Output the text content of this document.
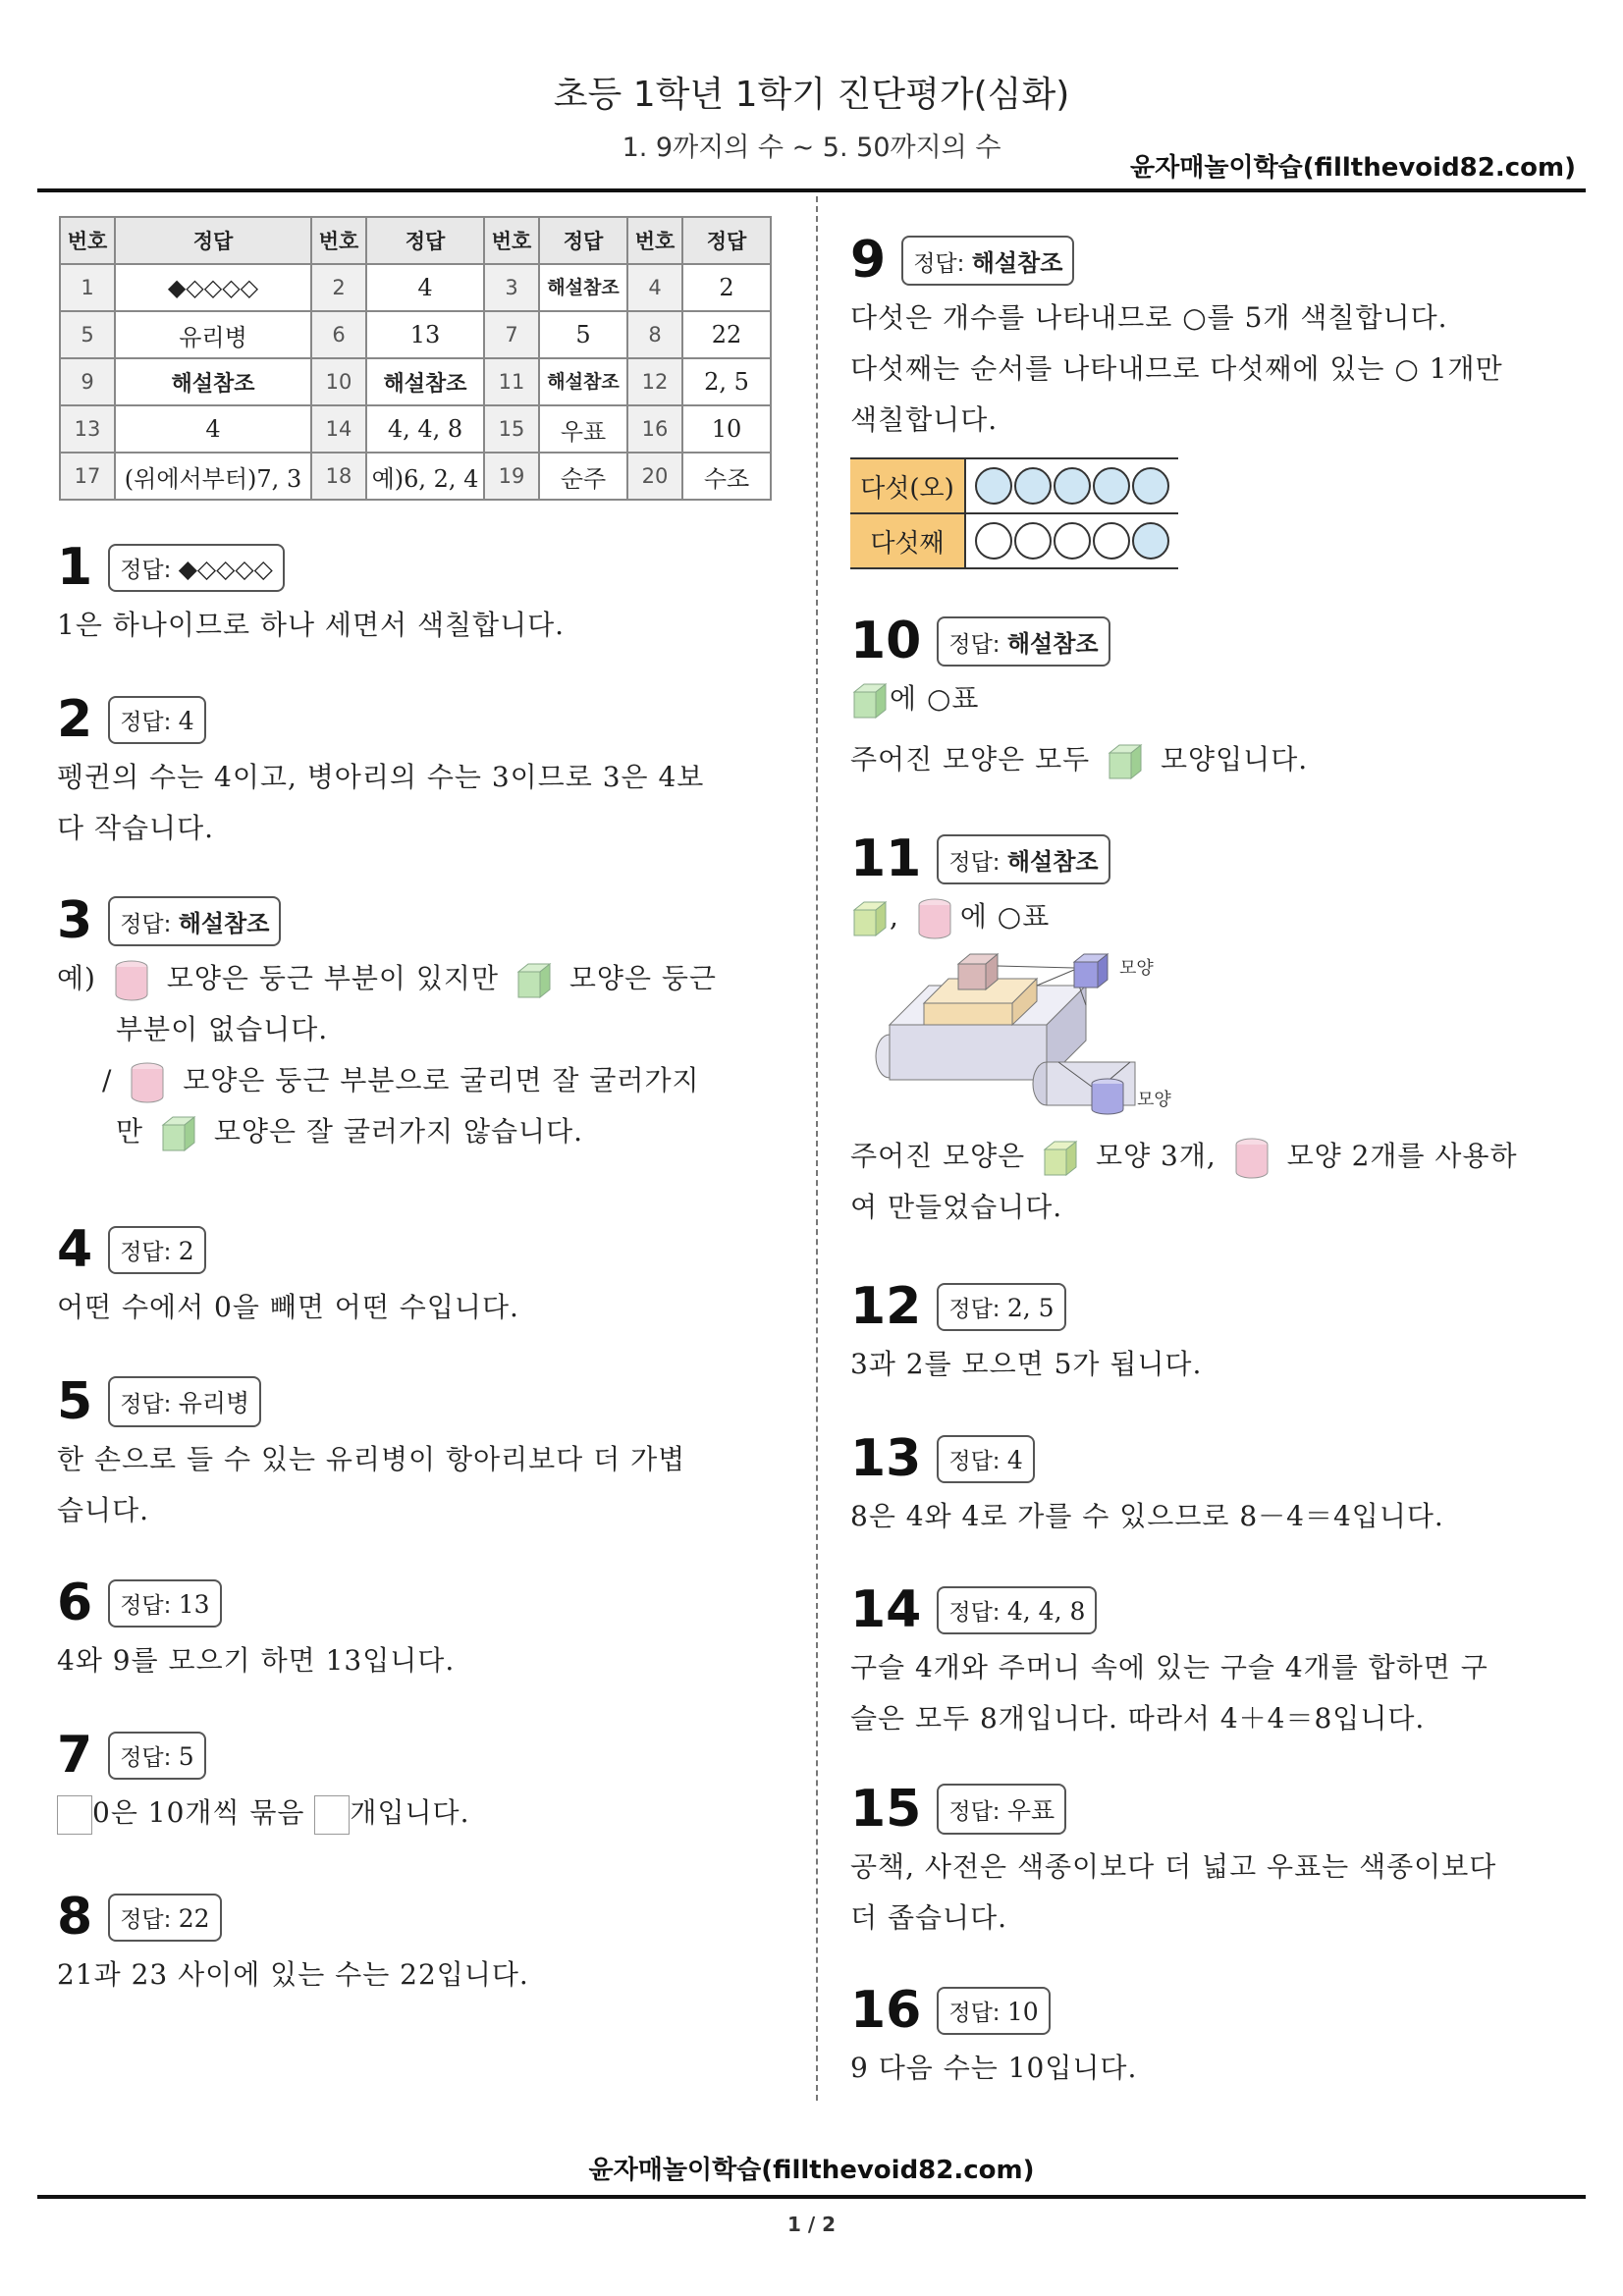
초등 1학년 1학기 진단평가(심화)
1. 9까지의 수 ~ 5. 50까지의 수
윤자매놀이학습(fillthevoid82.com)
번호	정답	번호	정답	번호	정답	번호	정답
1	◆◇◇◇◇	2	4	3	해설참조	4	2
5	유리병	6	13	7	5	8	22
9	해설참조	10	해설참조	11	해설참조	12	2, 5
13	4	14	4, 4, 8	15	우표	16	10
17	(위에서부터)7, 3	18	예)6, 2, 4	19	순주	20	수조
1	정답: ◆◇◇◇◇

1은 하나이므로 하나 세면서 색칠합니다.

2	정답: 4

펭귄의 수는 4이고, 병아리의 수는 3이므로 3은 4보

다 작습니다.

3	정답: 해설참조

예)	모양은 둥근 부분이 있지만	모양은 둥근

부분이 없습니다.

/	모양은 둥근 부분으로 굴리면 잘 굴러가지

만	모양은 잘 굴러가지 않습니다.

4	정답: 2

어떤 수에서 0을 빼면 어떤 수입니다.

5	정답: 유리병

한 손으로 들 수 있는 유리병이 항아리보다 더 가볍

습니다.

6	정답: 13

4와 9를 모으기 하면 13입니다.

7	정답: 5

0은 10개씩 묶음 개입니다.

8	정답: 22

21과 23 사이에 있는 수는 22입니다.

9	정답: 해설참조

다섯은 개수를 나타내므로 ○를 5개 색칠합니다.

다섯째는 순서를 나타내므로 다섯째에 있는 ○ 1개만

색칠합니다.

다섯(오)	
다섯째	
10	정답: 해설참조

에 ○표

주어진 모양은 모두	모양입니다.

11	정답: 해설참조

, 에 ○표

모양
모양

주어진 모양은	모양 3개,	모양 2개를 사용하

여 만들었습니다.

12	정답: 2, 5

3과 2를 모으면 5가 됩니다.

13	정답: 4

8은 4와 4로 가를 수 있으므로 8－4＝4입니다.

14	정답: 4, 4, 8

구슬 4개와 주머니 속에 있는 구슬 4개를 합하면 구

슬은 모두 8개입니다. 따라서 4＋4＝8입니다.

15	정답: 우표

공책, 사전은 색종이보다 더 넓고 우표는 색종이보다

더 좁습니다.

16	정답: 10

9 다음 수는 10입니다.

윤자매놀이학습(fillthevoid82.com)
1 / 2
